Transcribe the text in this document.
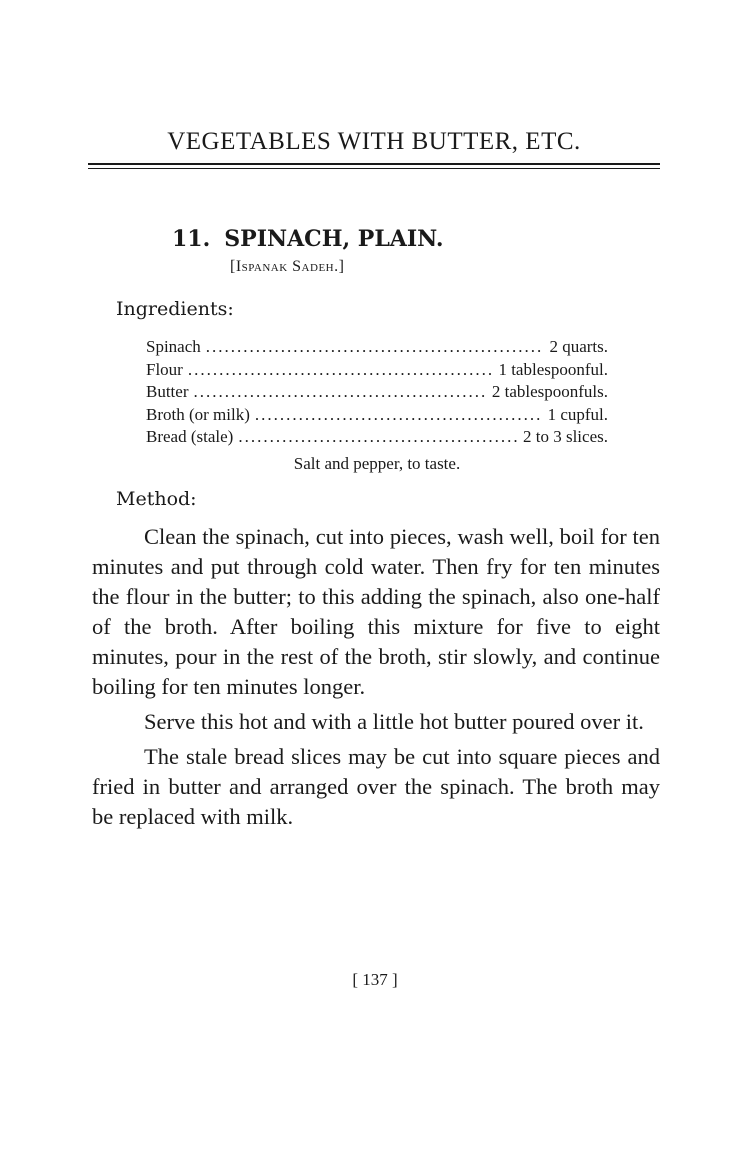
VEGETABLES WITH BUTTER, ETC.
11. SPINACH, PLAIN.
[Ispanak Sadeh.]
Ingredients:
Spinach .....	2 quarts.
Flour .....	1 tablespoonful.
Butter .....	2 tablespoonfuls.
Broth (or milk) .....	1 cupful.
Bread (stale) .....	2 to 3 slices.
Salt and pepper, to taste.
Method:

Clean the spinach, cut into pieces, wash well, boil for ten minutes and put through cold water. Then fry for ten minutes the flour in the butter; to this adding the spinach, also one-half of the broth. After boiling this mixture for five to eight minutes, pour in the rest of the broth, stir slowly, and continue boiling for ten minutes longer.

Serve this hot and with a little hot butter poured over it.

The stale bread slices may be cut into square pieces and fried in butter and arranged over the spinach. The broth may be replaced with milk.

[ 137 ]
